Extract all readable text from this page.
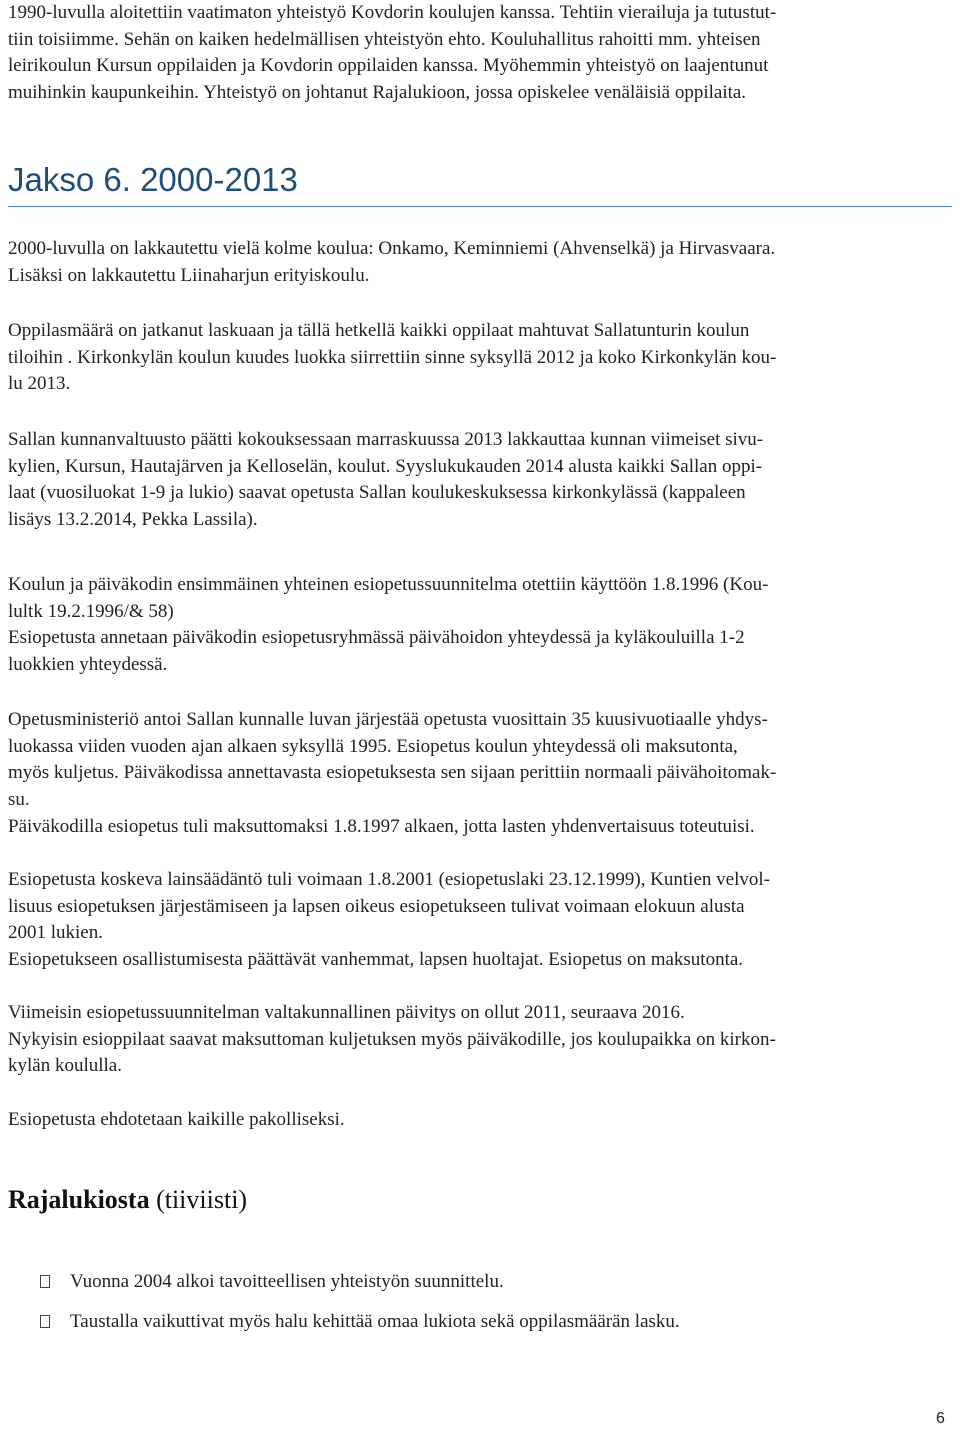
1990-luvulla aloitettiin vaatimaton yhteistyö Kovdorin koulujen kanssa. Tehtiin vierailuja ja tutustut-
tiin toisiimme. Sehän on kaiken hedelmällisen yhteistyön ehto. Kouluhallitus rahoitti mm. yhteisen
leirikoulun Kursun oppilaiden ja Kovdorin oppilaiden kanssa. Myöhemmin yhteistyö on laajentunut
muihinkin kaupunkeihin. Yhteistyö on johtanut Rajalukioon, jossa opiskelee venäläisiä oppilaita.
Jakso 6. 2000-2013
2000-luvulla on lakkautettu vielä kolme koulua: Onkamo, Keminniemi (Ahvenselkä) ja Hirvasvaara.
Lisäksi on lakkautettu Liinaharjun erityiskoulu.
Oppilasmäärä on jatkanut laskuaan ja tällä hetkellä kaikki oppilaat mahtuvat Sallatunturin koulun
tiloihin . Kirkonkylän koulun kuudes luokka siirrettiin sinne syksyllä 2012 ja koko Kirkonkylän kou-
lu 2013.
Sallan kunnanvaltuusto päätti kokouksessaan marraskuussa 2013 lakkauttaa kunnan viimeiset sivu-
kylien, Kursun, Hautajärven ja Kelloselän, koulut. Syyslukukauden 2014 alusta kaikki Sallan oppi-
laat (vuosiluokat 1-9 ja lukio) saavat opetusta Sallan koulukeskuksessa kirkonkylässä (kappaleen
lisäys 13.2.2014, Pekka Lassila).
Koulun ja päiväkodin ensimmäinen yhteinen esiopetussuunnitelma otettiin käyttöön 1.8.1996 (Kou-
lultk 19.2.1996/& 58)
Esiopetusta annetaan päiväkodin esiopetusryhmässä päivähoidon yhteydessä ja kyläkouluilla 1-2
luokkien yhteydessä.
Opetusministeriö antoi Sallan kunnalle luvan järjestää opetusta vuosittain 35 kuusivuotiaalle yhdys-
luokassa viiden vuoden ajan alkaen syksyllä 1995. Esiopetus koulun yhteydessä oli maksutonta,
myös kuljetus. Päiväkodissa annettavasta esiopetuksesta sen sijaan perittiin normaali päivähoitomak-
su.
Päiväkodilla esiopetus tuli maksuttomaksi 1.8.1997 alkaen, jotta lasten yhdenvertaisuus toteutuisi.
Esiopetusta koskeva lainsäädäntö tuli voimaan 1.8.2001 (esiopetuslaki 23.12.1999), Kuntien velvol-
lisuus esiopetuksen järjestämiseen ja lapsen oikeus esiopetukseen tulivat voimaan elokuun alusta
2001 lukien.
Esiopetukseen osallistumisesta päättävät vanhemmat, lapsen huoltajat. Esiopetus on maksutonta.
Viimeisin esiopetussuunnitelman valtakunnallinen päivitys on ollut 2011, seuraava 2016.
Nykyisin esioppilaat saavat maksuttoman kuljetuksen myös päiväkodille, jos koulupaikka on kirkon-
kylän koululla.
Esiopetusta ehdotetaan kaikille pakolliseksi.
Rajalukiosta (tiiviisti)
Vuonna 2004 alkoi tavoitteellisen yhteistyön suunnittelu.
Taustalla vaikuttivat myös halu kehittää omaa lukiota sekä oppilasmäärän lasku.
6
